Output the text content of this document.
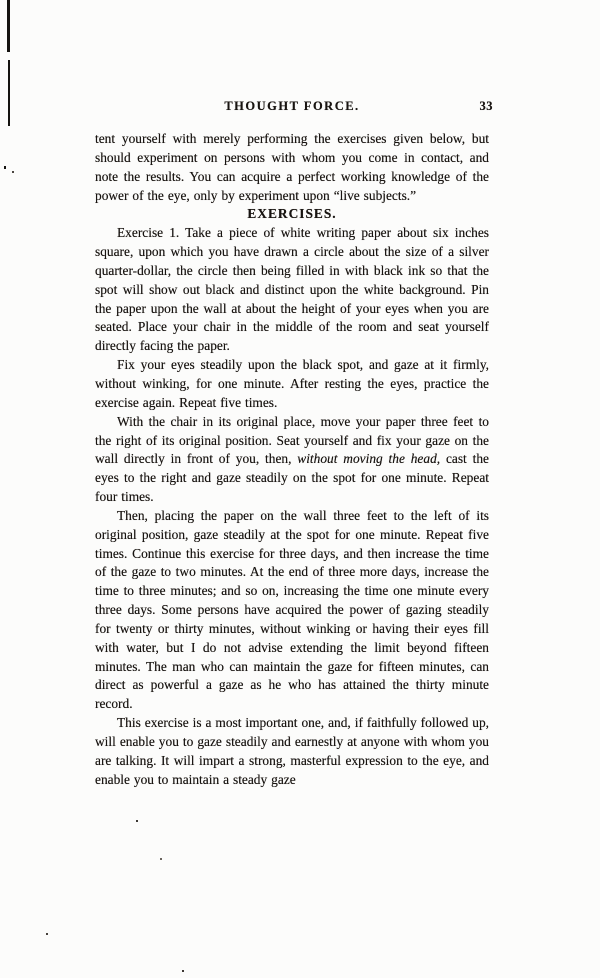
THOUGHT FORCE.	33

tent yourself with merely performing the exercises given below, but should experiment on persons with whom you come in contact, and note the results. You can acquire a perfect working knowledge of the power of the eye, only by experiment upon “live subjects.”

EXERCISES.

Exercise 1. Take a piece of white writing paper about six inches square, upon which you have drawn a circle about the size of a silver quarter-dollar, the circle then being filled in with black ink so that the spot will show out black and distinct upon the white background. Pin the paper upon the wall at about the height of your eyes when you are seated. Place your chair in the middle of the room and seat yourself directly facing the paper.

Fix your eyes steadily upon the black spot, and gaze at it firmly, without winking, for one minute. After resting the eyes, practice the exercise again. Repeat five times.

With the chair in its original place, move your paper three feet to the right of its original position. Seat yourself and fix your gaze on the wall directly in front of you, then, without moving the head, cast the eyes to the right and gaze steadily on the spot for one minute. Repeat four times.

Then, placing the paper on the wall three feet to the left of its original position, gaze steadily at the spot for one minute. Repeat five times. Continue this exercise for three days, and then increase the time of the gaze to two minutes. At the end of three more days, increase the time to three minutes; and so on, increasing the time one minute every three days. Some persons have acquired the power of gazing steadily for twenty or thirty minutes, without winking or having their eyes fill with water, but I do not advise extending the limit beyond fifteen minutes. The man who can maintain the gaze for fifteen minutes, can direct as powerful a gaze as he who has attained the thirty minute record.

This exercise is a most important one, and, if faithfully followed up, will enable you to gaze steadily and earnestly at anyone with whom you are talking. It will impart a strong, masterful expression to the eye, and enable you to maintain a steady gaze
